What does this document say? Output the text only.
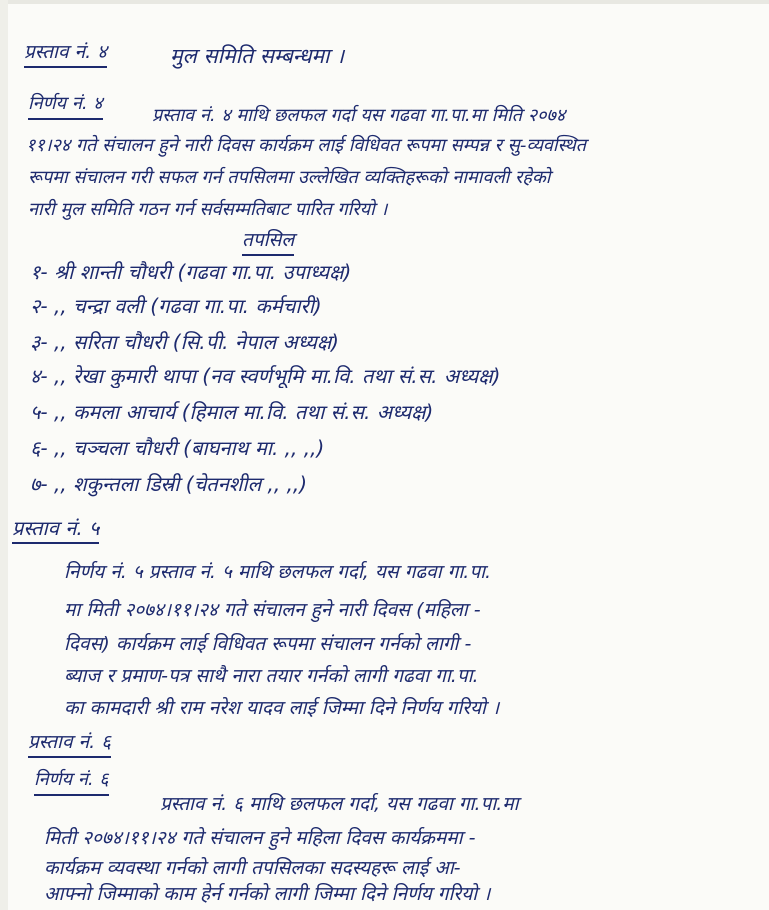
प्रस्ताव नं. ४	मुल समिति सम्बन्धमा ।
निर्णय नं. ४
प्रस्ताव नं. ४ माथि छलफल गर्दा यस गढवा गा.पा.मा मिति २०७४
११।२४ गते संचालन हुने नारी दिवस कार्यक्रम लाई विधिवत रूपमा सम्पन्न र सु-व्यवस्थित
रूपमा संचालन गरी सफल गर्न तपसिलमा उल्लेखित व्यक्तिहरूको नामावली रहेको
नारी मुल समिति गठन गर्न सर्वसम्मतिबाट पारित गरियो ।
तपसिल
१- श्री शान्ती चौधरी (गढवा गा.पा. उपाध्यक्ष)
२- ,, चन्द्रा वली (गढवा गा.पा. कर्मचारी)
३- ,, सरिता चौधरी (सि.पी. नेपाल अध्यक्ष)
४- ,, रेखा कुमारी थापा (नव स्वर्णभूमि मा.वि. तथा सं.स. अध्यक्ष)
५- ,, कमला आचार्य (हिमाल मा.वि. तथा सं.स. अध्यक्ष)
६- ,, चञ्चला चौधरी (बाघनाथ मा. ,, ,,)
७- ,, शकुन्तला डिस्री (चेतनशील ,, ,,)
प्रस्ताव नं. ५
निर्णय नं. ५ प्रस्ताव नं. ५ माथि छलफल गर्दा, यस गढवा गा.पा.
मा मिती २०७४।११।२४ गते संचालन हुने नारी दिवस (महिला -
दिवस) कार्यक्रम लाई विधिवत रूपमा संचालन गर्नको लागी -
ब्याज र प्रमाण-पत्र साथै नारा तयार गर्नको लागी गढवा गा.पा.
का कामदारी श्री राम नरेश यादव लाई जिम्मा दिने निर्णय गरियो ।
प्रस्ताव नं. ६
निर्णय नं. ६
प्रस्ताव नं. ६ माथि छलफल गर्दा, यस गढवा गा.पा.मा
मिती २०७४।११।२४ गते संचालन हुने महिला दिवस कार्यक्रममा -
कार्यक्रम व्यवस्था गर्नको लागी तपसिलका सदस्यहरू लाई आ-
आफ्नो जिम्माको काम हेर्न गर्नको लागी जिम्मा दिने निर्णय गरियो ।
